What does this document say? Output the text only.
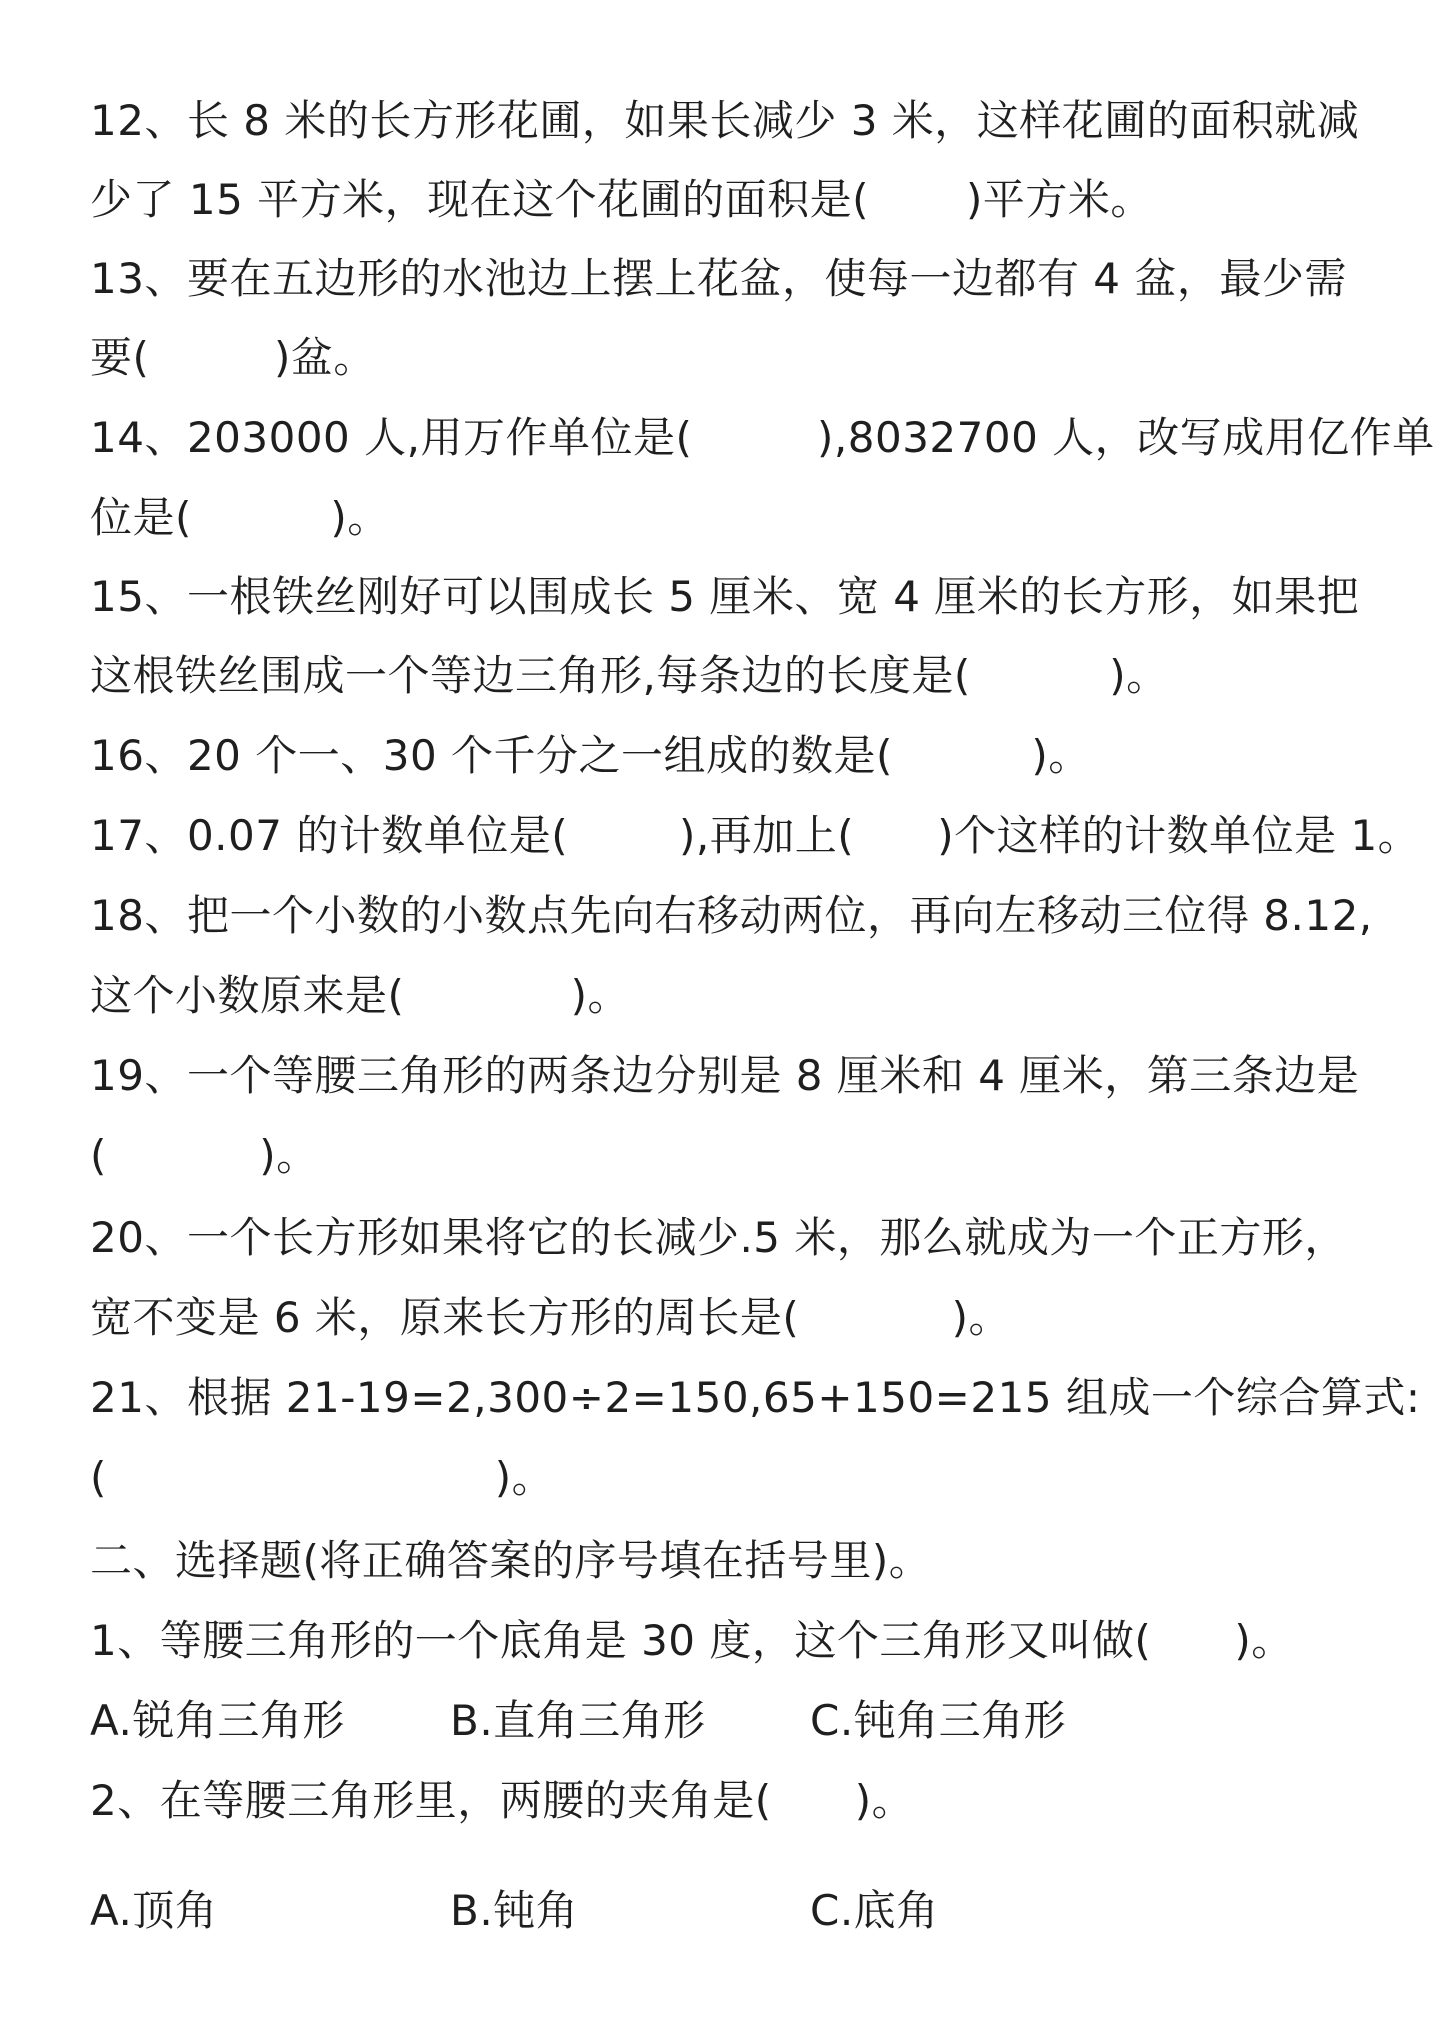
12、长 8 米的长方形花圃，如果长减少 3 米，这样花圃的面积就减
少了 15 平方米，现在这个花圃的面积是(       )平方米。
13、要在五边形的水池边上摆上花盆，使每一边都有 4 盆，最少需
要(         )盆。
14、203000 人,用万作单位是(         ),8032700 人，改写成用亿作单
位是(          )。
15、一根铁丝刚好可以围成长 5 厘米、宽 4 厘米的长方形，如果把
这根铁丝围成一个等边三角形,每条边的长度是(          )。
16、20 个一、30 个千分之一组成的数是(          )。
17、0.07 的计数单位是(        ),再加上(      )个这样的计数单位是 1。
18、把一个小数的小数点先向右移动两位，再向左移动三位得 8.12,
这个小数原来是(            )。
19、一个等腰三角形的两条边分别是 8 厘米和 4 厘米，第三条边是
(           )。
20、一个长方形如果将它的长减少.5 米，那么就成为一个正方形，
宽不变是 6 米，原来长方形的周长是(           )。
21、根据 21-19=2,300÷2=150,65+150=215 组成一个综合算式:
(                            )。
二、选择题(将正确答案的序号填在括号里)。
1、等腰三角形的一个底角是 30 度，这个三角形又叫做(      )。
A.锐角三角形	B.直角三角形 C.钝角三角形
2、在等腰三角形里，两腰的夹角是(      )。
A.顶角	B.钝角	C.底角
